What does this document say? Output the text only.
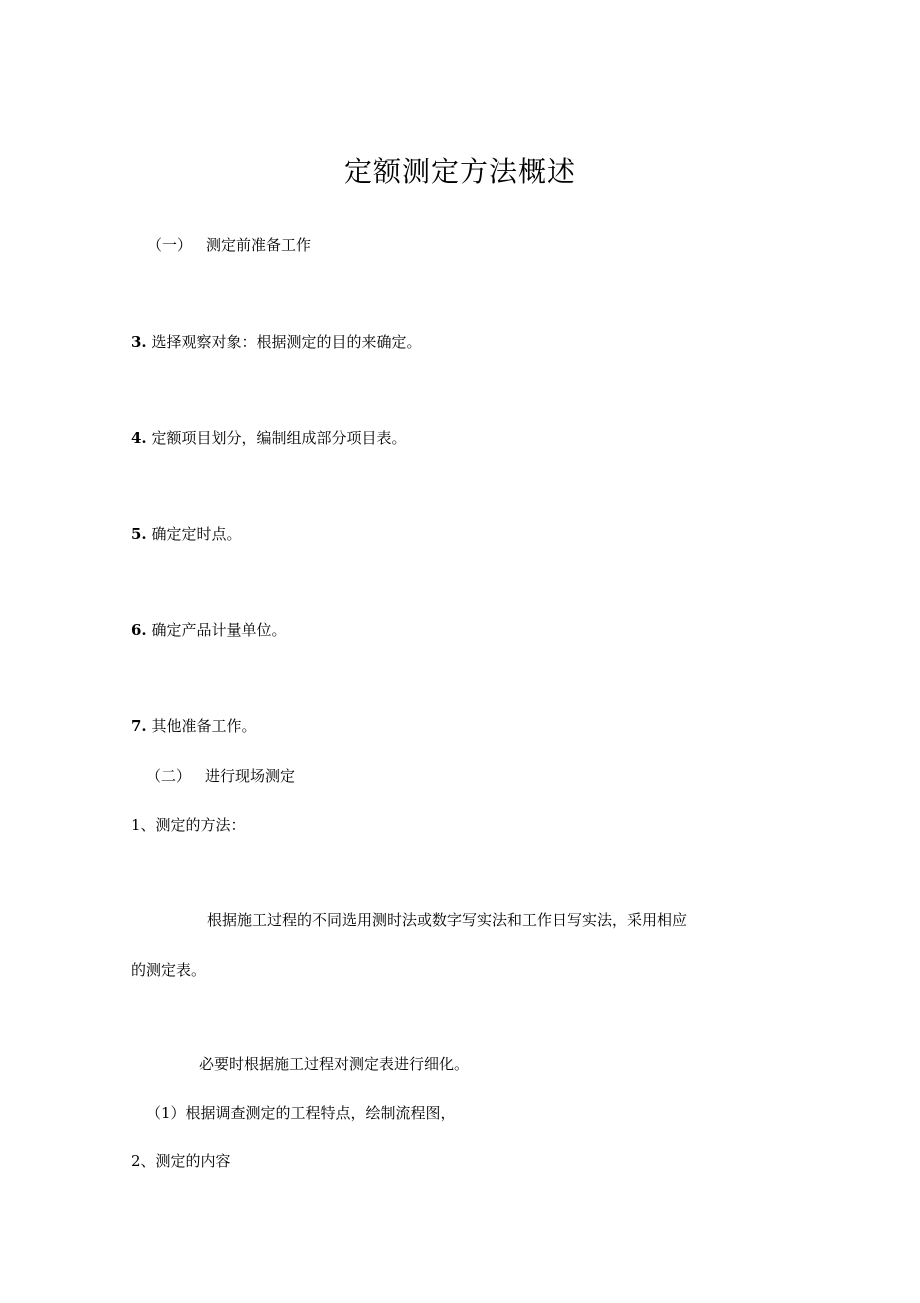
定额测定方法概述
（一） 测定前准备工作
3. 选择观察对象：根据测定的目的来确定。
4. 定额项目划分，编制组成部分项目表。
5. 确定定时点。
6. 确定产品计量单位。
7. 其他准备工作。
（二） 进行现场测定
1、测定的方法：
根据施工过程的不同选用测时法或数字写实法和工作日写实法，采用相应
的测定表。
必要时根据施工过程对测定表进行细化。
（1）根据调查测定的工程特点，绘制流程图，
2、测定的内容
